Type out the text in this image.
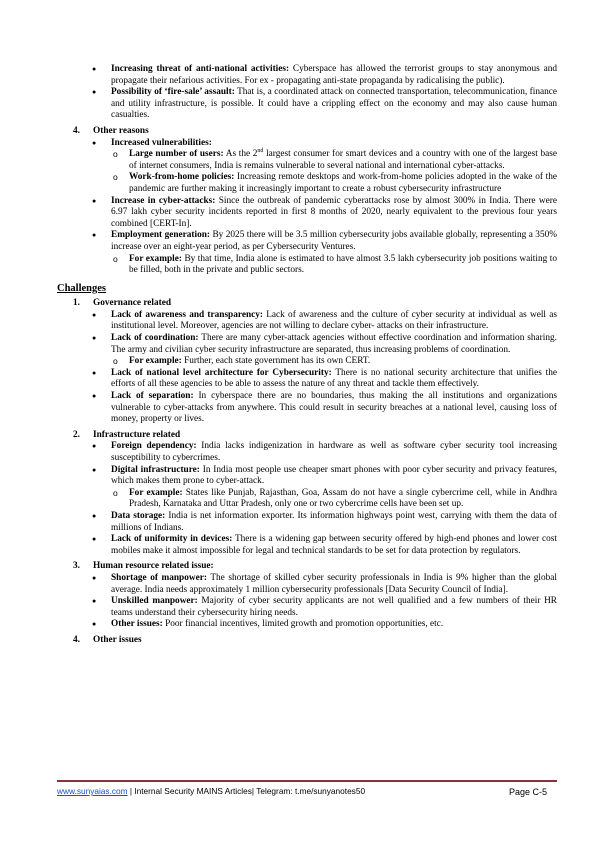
● Increasing threat of anti-national activities: Cyberspace has allowed the terrorist groups to stay anonymous and propagate their nefarious activities. For ex - propagating anti-state propaganda by radicalising the public).
● Possibility of ‘fire-sale’ assault: That is, a coordinated attack on connected transportation, telecommunication, finance and utility infrastructure, is possible. It could have a crippling effect on the economy and may also cause human casualties.
4. Other reasons
● Increased vulnerabilities:
o Large number of users: As the 2nd largest consumer for smart devices and a country with one of the largest base of internet consumers, India is remains vulnerable to several national and international cyber-attacks.
o Work-from-home policies: Increasing remote desktops and work-from-home policies adopted in the wake of the pandemic are further making it increasingly important to create a robust cybersecurity infrastructure
● Increase in cyber-attacks: Since the outbreak of pandemic cyberattacks rose by almost 300% in India. There were 6.97 lakh cyber security incidents reported in first 8 months of 2020, nearly equivalent to the previous four years combined [CERT-In].
● Employment generation: By 2025 there will be 3.5 million cybersecurity jobs available globally, representing a 350% increase over an eight-year period, as per Cybersecurity Ventures.
o For example: By that time, India alone is estimated to have almost 3.5 lakh cybersecurity job positions waiting to be filled, both in the private and public sectors.
Challenges
1. Governance related
● Lack of awareness and transparency: Lack of awareness and the culture of cyber security at individual as well as institutional level. Moreover, agencies are not willing to declare cyber- attacks on their infrastructure.
● Lack of coordination: There are many cyber-attack agencies without effective coordination and information sharing. The army and civilian cyber security infrastructure are separated, thus increasing problems of coordination.
o For example: Further, each state government has its own CERT.
● Lack of national level architecture for Cybersecurity: There is no national security architecture that unifies the efforts of all these agencies to be able to assess the nature of any threat and tackle them effectively.
● Lack of separation: In cyberspace there are no boundaries, thus making the all institutions and organizations vulnerable to cyber-attacks from anywhere. This could result in security breaches at a national level, causing loss of money, property or lives.
2. Infrastructure related
● Foreign dependency: India lacks indigenization in hardware as well as software cyber security tool increasing susceptibility to cybercrimes.
● Digital infrastructure: In India most people use cheaper smart phones with poor cyber security and privacy features, which makes them prone to cyber-attack.
o For example: States like Punjab, Rajasthan, Goa, Assam do not have a single cybercrime cell, while in Andhra Pradesh, Karnataka and Uttar Pradesh, only one or two cybercrime cells have been set up.
● Data storage: India is net information exporter. Its information highways point west, carrying with them the data of millions of Indians.
● Lack of uniformity in devices: There is a widening gap between security offered by high-end phones and lower cost mobiles make it almost impossible for legal and technical standards to be set for data protection by regulators.
3. Human resource related issue:
● Shortage of manpower: The shortage of skilled cyber security professionals in India is 9% higher than the global average. India needs approximately 1 million cybersecurity professionals [Data Security Council of India].
● Unskilled manpower: Majority of cyber security applicants are not well qualified and a few numbers of their HR teams understand their cybersecurity hiring needs.
● Other issues: Poor financial incentives, limited growth and promotion opportunities, etc.
4. Other issues
www.sunyaias.com | Internal Security MAINS Articles| Telegram: t.me/sunyanotes50	Page C-5
